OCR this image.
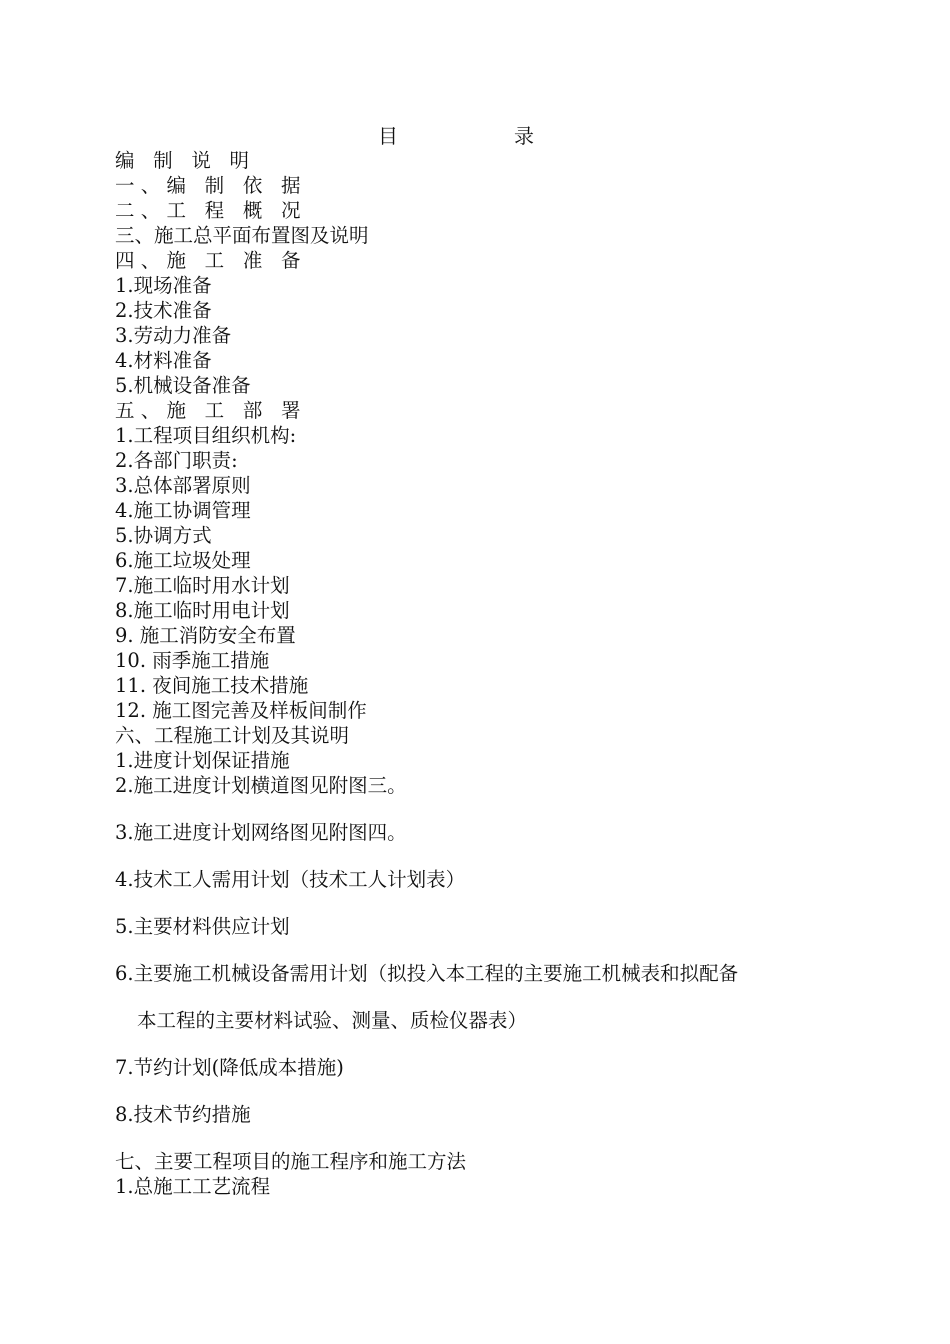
目　录
编 制 说 明
一、编 制 依 据
二、工 程 概 况
三、施工总平面布置图及说明
四、施 工 准 备
1.现场准备
2.技术准备
3.劳动力准备
4.材料准备
5.机械设备准备
五、施 工 部 署
1.工程项目组织机构:
2.各部门职责:
3.总体部署原则
4.施工协调管理
5.协调方式
6.施工垃圾处理
7.施工临时用水计划
8.施工临时用电计划
9. 施工消防安全布置
10. 雨季施工措施
11. 夜间施工技术措施
12. 施工图完善及样板间制作
六、工程施工计划及其说明
1.进度计划保证措施
2.施工进度计划横道图见附图三。
3.施工进度计划网络图见附图四。
4.技术工人需用计划（技术工人计划表）
5.主要材料供应计划
6.主要施工机械设备需用计划（拟投入本工程的主要施工机械表和拟配备
本工程的主要材料试验、测量、质检仪器表）
7.节约计划(降低成本措施)
8.技术节约措施
七、主要工程项目的施工程序和施工方法
1.总施工工艺流程
